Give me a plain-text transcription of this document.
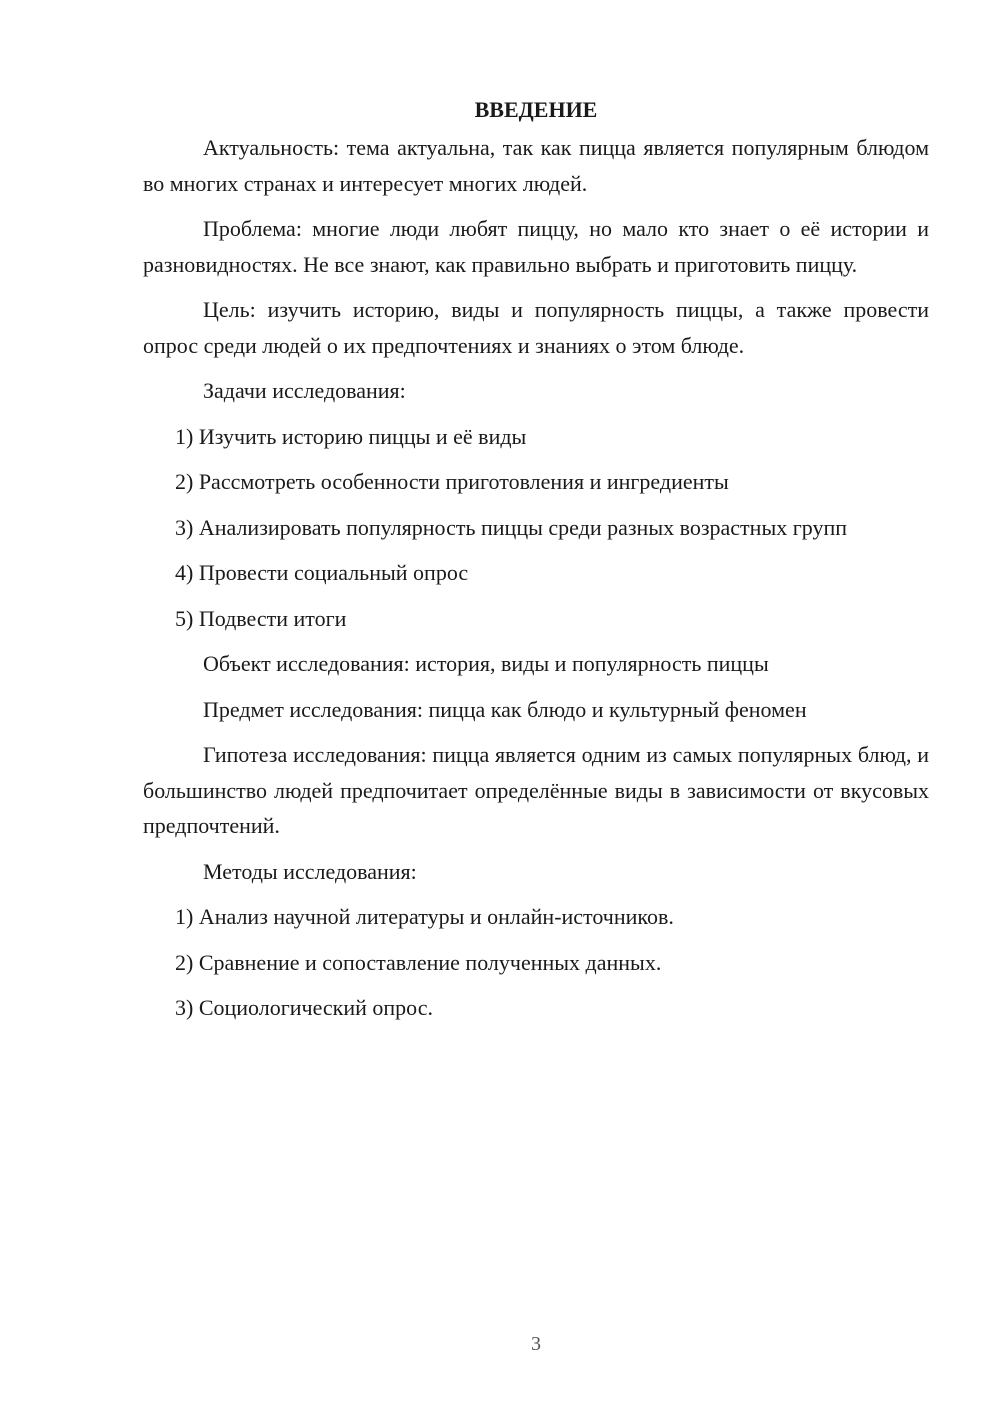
ВВЕДЕНИЕ

Актуальность: тема актуальна, так как пицца является популярным блюдом во многих странах и интересует многих людей.

Проблема: многие люди любят пиццу, но мало кто знает о её истории и разновидностях. Не все знают, как правильно выбрать и приготовить пиццу.

Цель: изучить историю, виды и популярность пиццы, а также провести опрос среди людей о их предпочтениях и знаниях о этом блюде.

Задачи исследования:

1) Изучить историю пиццы и её виды

2) Рассмотреть особенности приготовления и ингредиенты

3) Анализировать популярность пиццы среди разных возрастных групп

4) Провести социальный опрос

5) Подвести итоги

Объект исследования: история, виды и популярность пиццы

Предмет исследования: пицца как блюдо и культурный феномен

Гипотеза исследования: пицца является одним из самых популярных блюд, и большинство людей предпочитает определённые виды в зависимости от вкусовых предпочтений.

Методы исследования:

1) Анализ научной литературы и онлайн-источников.

2) Сравнение и сопоставление полученных данных.

3) Социологический опрос.

3
